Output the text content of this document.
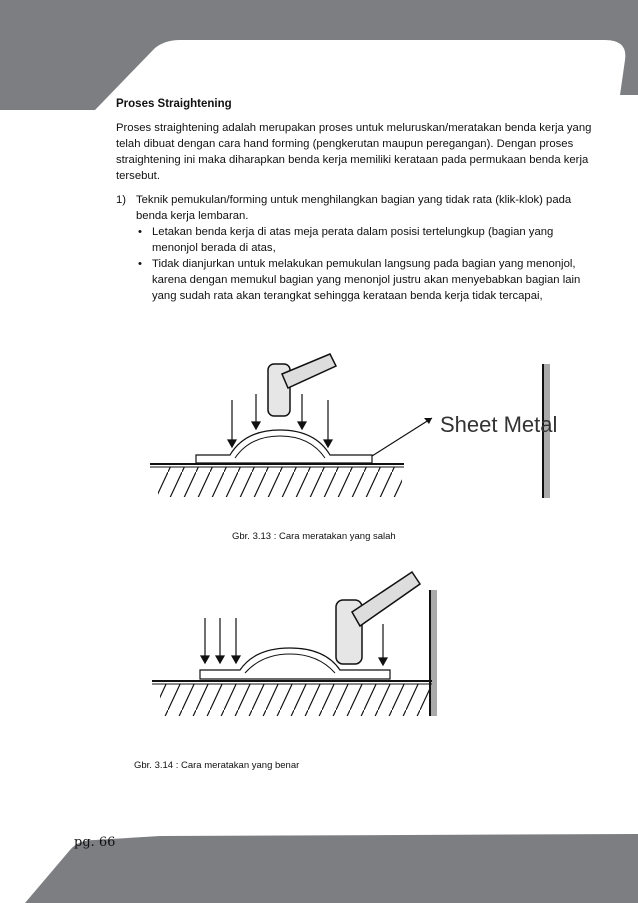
Proses Straightening

Proses straightening adalah merupakan proses untuk meluruskan/meratakan benda kerja yang telah dibuat dengan cara hand forming (pengkerutan maupun peregangan). Dengan proses straightening ini maka diharapkan benda kerja memiliki kerataan pada permukaan benda kerja tersebut.

1) Teknik pemukulan/forming untuk menghilangkan bagian yang tidak rata (klik-klok) pada benda kerja lembaran.
• Letakan benda kerja di atas meja perata dalam posisi tertelungkup (bagian yang menonjol berada di atas,
• Tidak dianjurkan untuk melakukan pemukulan langsung pada bagian yang menonjol, karena dengan memukul bagian yang menonjol justru akan menyebabkan bagian lain yang sudah rata akan terangkat sehingga kerataan benda kerja tidak tercapai,
Sheet Metal
Gbr. 3.13 : Cara meratakan yang salah
Gbr. 3.14 : Cara meratakan yang benar
pg. 66
